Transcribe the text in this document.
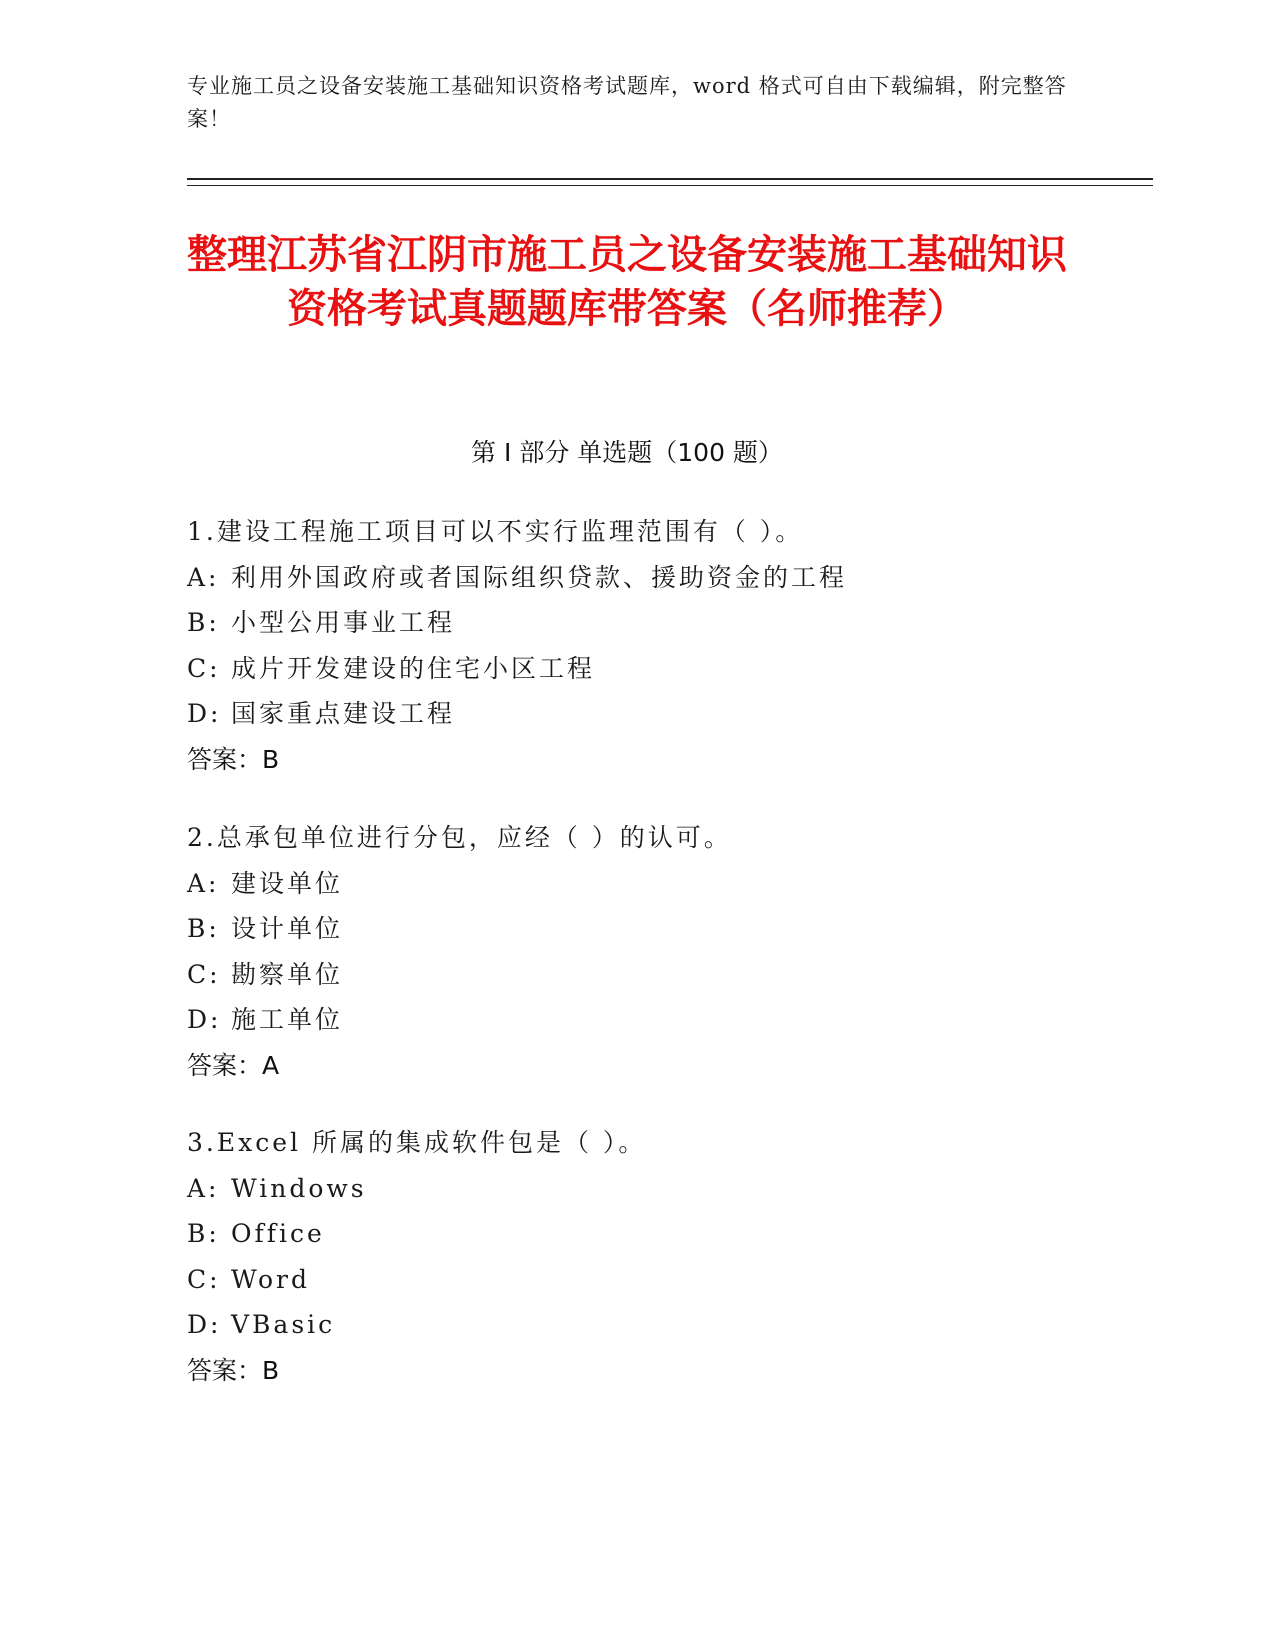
专业施工员之设备安装施工基础知识资格考试题库，word 格式可自由下载编辑，附完整答案！
整理江苏省江阴市施工员之设备安装施工基础知识资格考试真题题库带答案（名师推荐）
第 I 部分 单选题（100 题）
1.建设工程施工项目可以不实行监理范围有（ ）。
A: 利用外国政府或者国际组织贷款、援助资金的工程
B: 小型公用事业工程
C: 成片开发建设的住宅小区工程
D: 国家重点建设工程
答案：B
2.总承包单位进行分包，应经（ ）的认可。
A: 建设单位
B: 设计单位
C: 勘察单位
D: 施工单位
答案：A
3.Excel 所属的集成软件包是（ ）。
A: Windows
B: Office
C: Word
D: VBasic
答案：B
